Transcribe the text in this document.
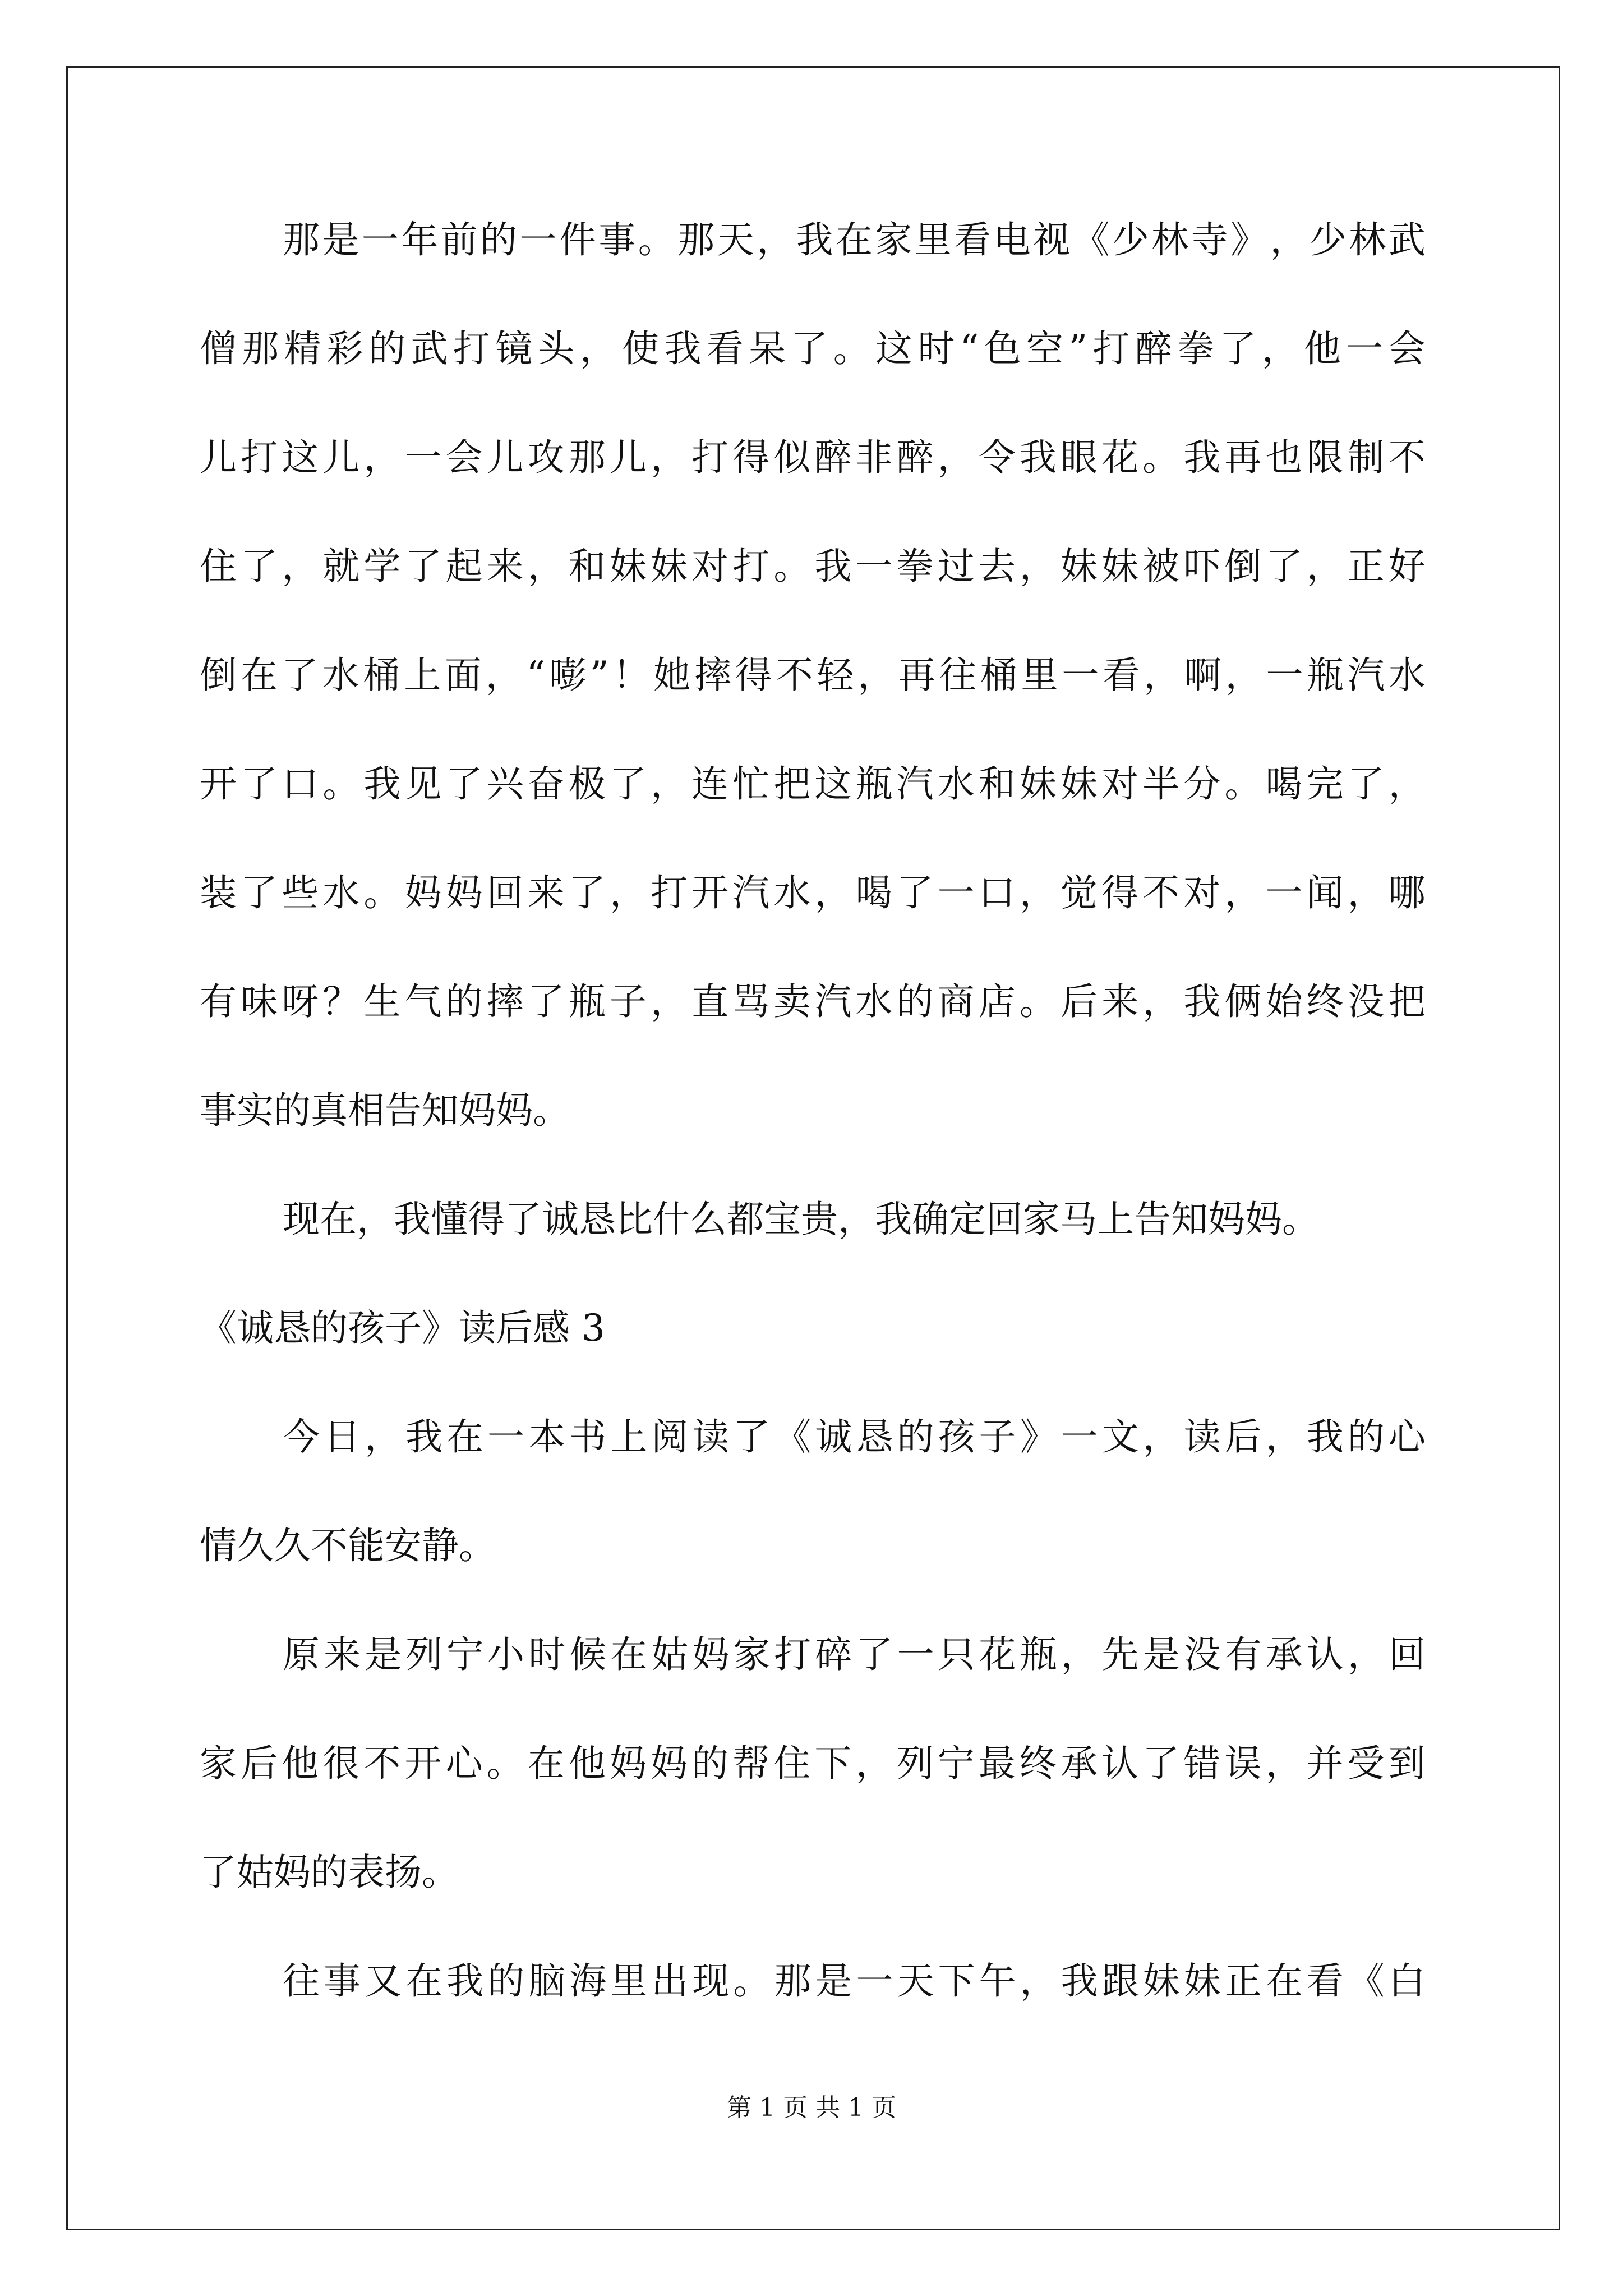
那 是 一 年 前 的 一 件 事 。 那 天 ， 我 在 家 里 看 电 视 《 少 林 寺 》 ， 少 林 武
僧 那 精 彩 的 武 打 镜 头 ， 使 我 看 呆 了 。 这 时 “ 色 空 ” 打 醉 拳 了 ， 他 一 会
儿 打 这 儿 ， 一 会 儿 攻 那 儿 ， 打 得 似 醉 非 醉 ， 令 我 眼 花 。 我 再 也 限 制 不
住 了 ， 就 学 了 起 来 ， 和 妹 妹 对 打 。 我 一 拳 过 去 ， 妹 妹 被 吓 倒 了 ， 正 好
倒 在 了 水 桶 上 面 ， “ 嘭 ” ！ 她 摔 得 不 轻 ， 再 往 桶 里 一 看 ， 啊 ， 一 瓶 汽 水
开 了 口 。 我 见 了 兴 奋 极 了 ， 连 忙 把 这 瓶 汽 水 和 妹 妹 对 半 分 。 喝 完 了 ，
装 了 些 水 。 妈 妈 回 来 了 ， 打 开 汽 水 ， 喝 了 一 口 ， 觉 得 不 对 ， 一 闻 ， 哪
有 味 呀 ？ 生 气 的 摔 了 瓶 子 ， 直 骂 卖 汽 水 的 商 店 。 后 来 ， 我 俩 始 终 没 把
事实的真相告知妈妈。
现在，我懂得了诚恳比什么都宝贵，我确定回家马上告知妈妈。
《诚恳的孩子》读后感 3
今 日 ， 我 在 一 本 书 上 阅 读 了 《 诚 恳 的 孩 子 》 一 文 ， 读 后 ， 我 的 心
情久久不能安静。
原 来 是 列 宁 小 时 候 在 姑 妈 家 打 碎 了 一 只 花 瓶 ， 先 是 没 有 承 认 ， 回
家 后 他 很 不 开 心 。 在 他 妈 妈 的 帮 住 下 ， 列 宁 最 终 承 认 了 错 误 ， 并 受 到
了姑妈的表扬。
往 事 又 在 我 的 脑 海 里 出 现 。 那 是 一 天 下 午 ， 我 跟 妹 妹 正 在 看 《 白
第 1 页 共 1 页
